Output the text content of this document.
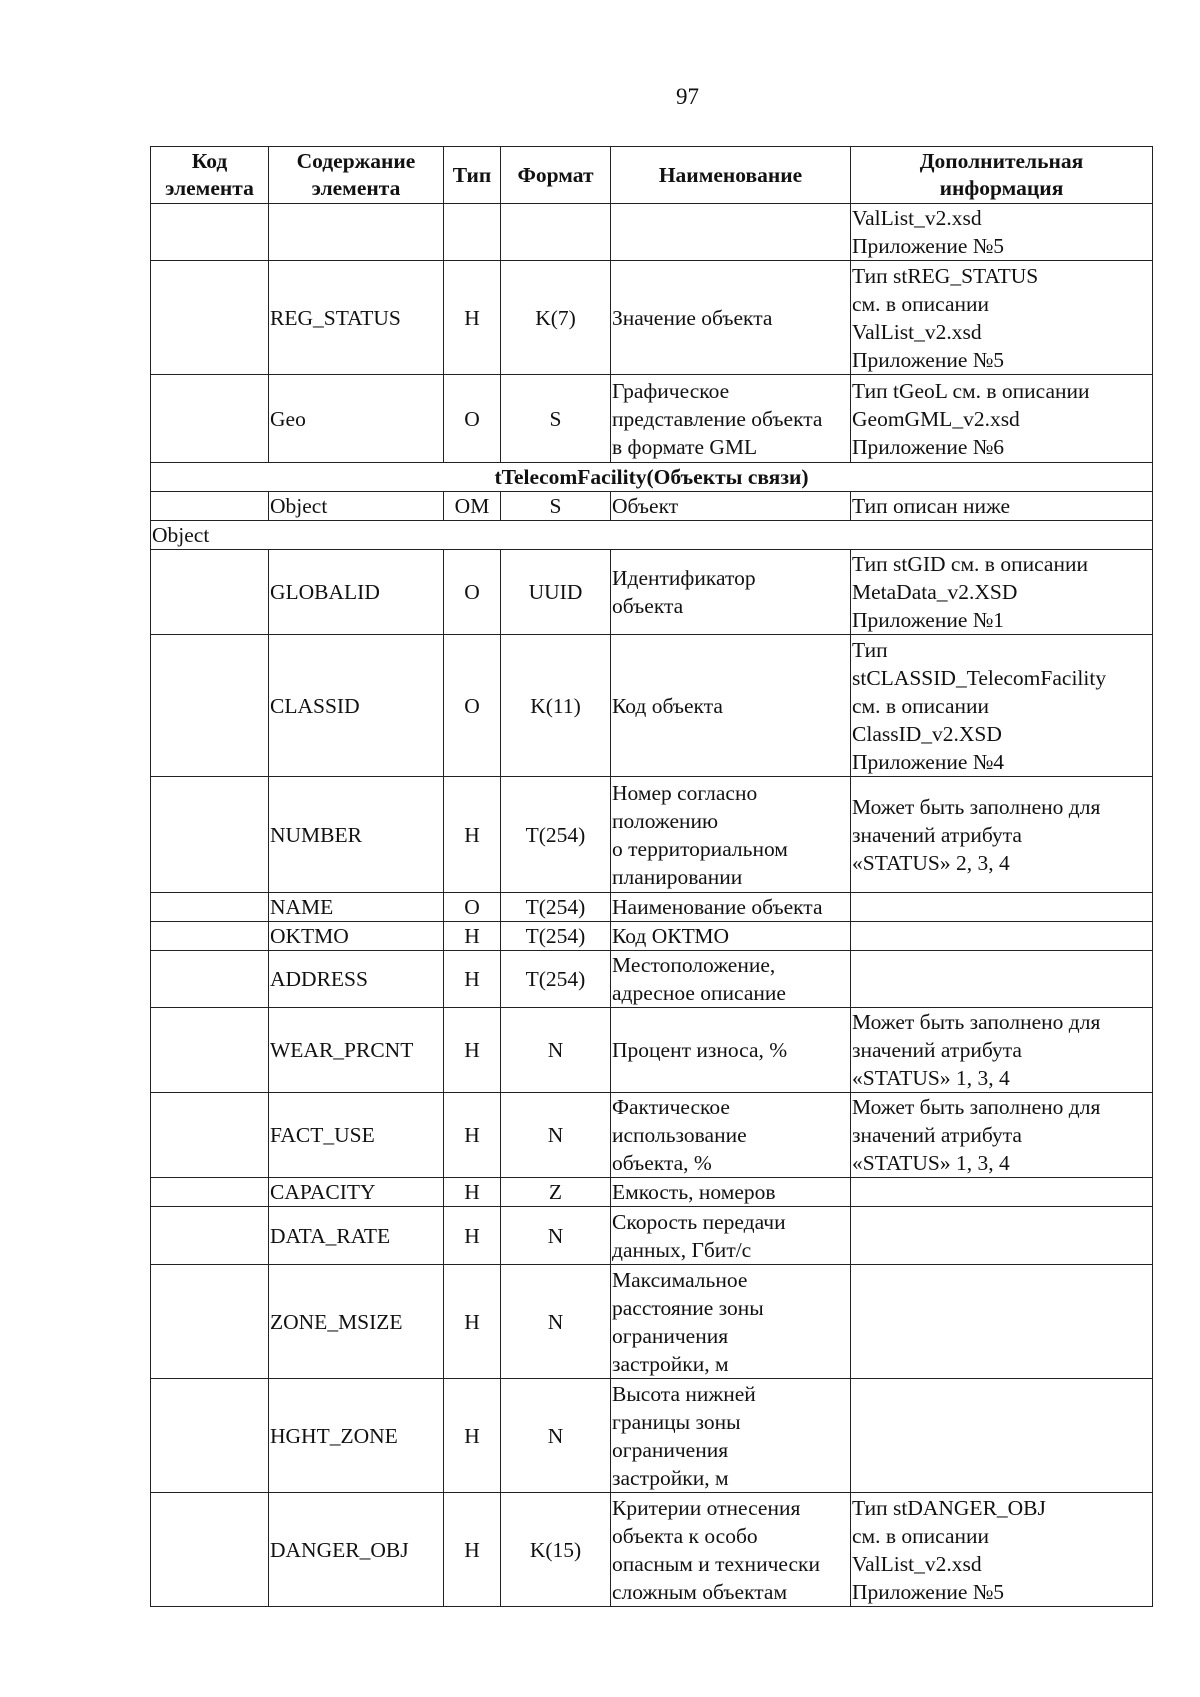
97
Код
элемента	Содержание
элемента	Тип	Формат	Наименование	Дополнительная
информация
					ValList_v2.xsd
Приложение №5
	REG_STATUS	Н	K(7)	Значение объекта	Тип stREG_STATUS
см. в описании
ValList_v2.xsd
Приложение №5
	Geo	О	S	Графическое
представление объекта
в формате GML	Тип tGeoL см. в описании
GeomGML_v2.xsd
Приложение №6
tTelecomFacility(Объекты связи)					
	Object	ОМ	S	Объект	Тип описан ниже
Object					
	GLOBALID	О	UUID	Идентификатор
объекта	Тип stGID см. в описании
MetaData_v2.XSD
Приложение №1
	CLASSID	О	K(11)	Код объекта	Тип
stCLASSID_TelecomFacility
см. в описании
ClassID_v2.XSD
Приложение №4
	NUMBER	Н	T(254)	Номер согласно
положению
о территориальном
планировании	Может быть заполнено для
значений атрибута
«STATUS» 2, 3, 4
	NAME	О	T(254)	Наименование объекта	
	OKTMO	Н	T(254)	Код ОКТМО	
	ADDRESS	Н	T(254)	Местоположение,
адресное описание	
	WEAR_PRCNT	Н	N	Процент износа, %	Может быть заполнено для
значений атрибута
«STATUS» 1, 3, 4
	FACT_USE	Н	N	Фактическое
использование
объекта, %	Может быть заполнено для
значений атрибута
«STATUS» 1, 3, 4
	CAPACITY	Н	Z	Емкость, номеров	
	DATA_RATE	Н	N	Скорость передачи
данных, Гбит/с	
	ZONE_MSIZE	Н	N	Максимальное
расстояние зоны
ограничения
застройки, м	
	HGHT_ZONE	Н	N	Высота нижней
границы зоны
ограничения
застройки, м	
	DANGER_OBJ	Н	K(15)	Критерии отнесения
объекта к особо
опасным и технически
сложным объектам	Тип stDANGER_OBJ
см. в описании
ValList_v2.xsd
Приложение №5
